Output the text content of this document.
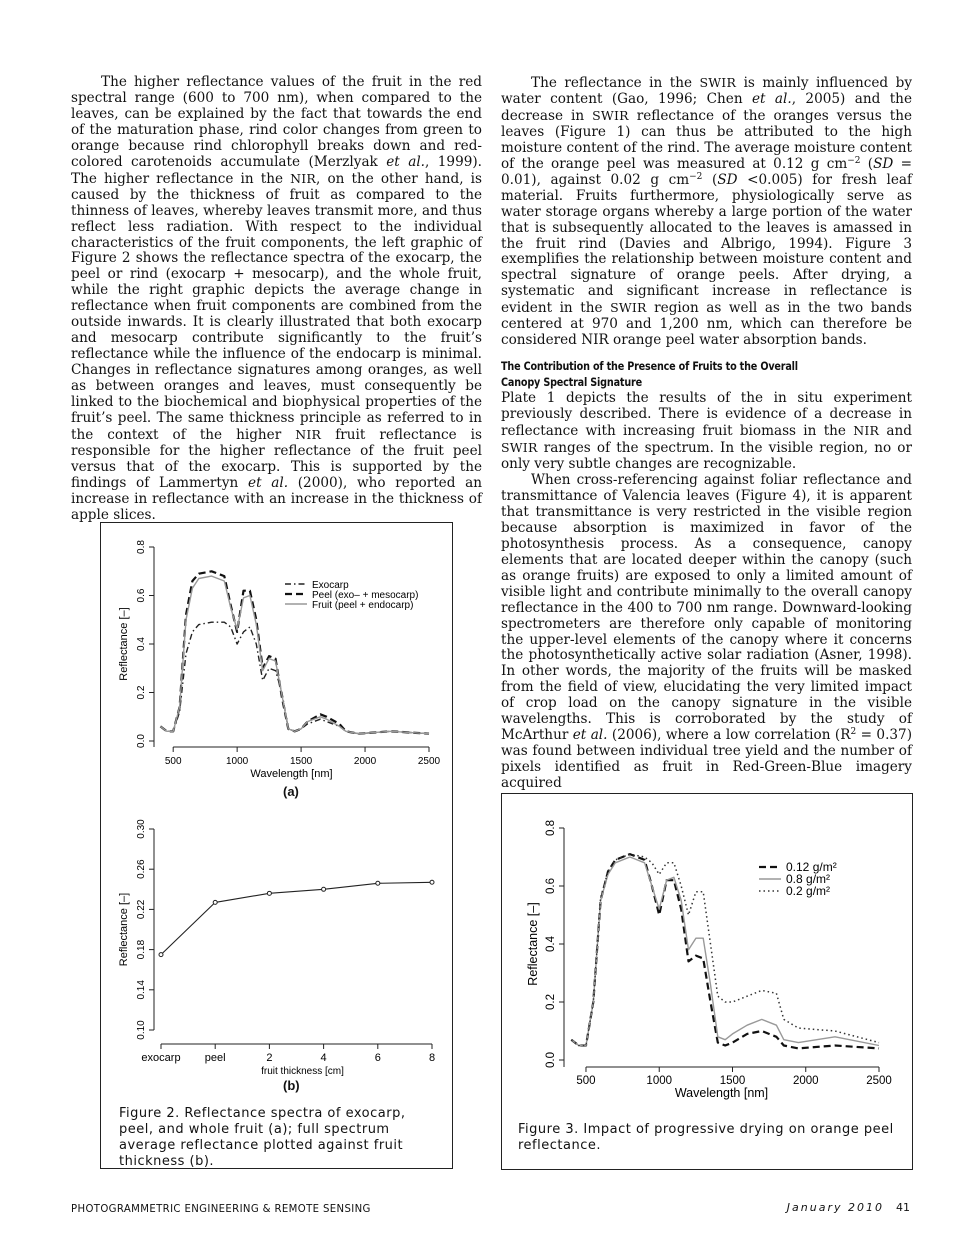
The higher reflectance values of the fruit in the red spectral range (600 to 700 nm), when compared to the leaves, can be explained by the fact that towards the end of the maturation phase, rind color changes from green to orange because rind chlorophyll breaks down and red-colored carotenoids accumulate (Merzlyak et al., 1999). The higher reflectance in the NIR, on the other hand, is caused by the thickness of fruit as compared to the thinness of leaves, whereby leaves transmit more, and thus reflect less radiation. With respect to the individual characteristics of the fruit components, the left graphic of Figure 2 shows the reflectance spectra of the exocarp, the peel or rind (exocarp + mesocarp), and the whole fruit, while the right graphic depicts the average change in reflectance when fruit components are combined from the outside inwards. It is clearly illustrated that both exocarp and mesocarp contribute significantly to the fruit’s reflectance while the influence of the endocarp is minimal. Changes in reflectance signatures among oranges, as well as between oranges and leaves, must consequently be linked to the biochemical and biophysical properties of the fruit’s peel. The same thickness principle as referred to in the context of the higher NIR fruit reflectance is responsible for the higher reflectance of the fruit peel versus that of the exocarp. This is supported by the findings of Lammertyn et al. (2000), who reported an increase in reflectance with an increase in the thickness of apple slices.

The reflectance in the SWIR is mainly influenced by water content (Gao, 1996; Chen et al., 2005) and the decrease in SWIR reflectance of the oranges versus the leaves (Figure 1) can thus be attributed to the high moisture content of the rind. The average moisture content of the orange peel was measured at 0.12 g $cm^{-2}$ (SD = 0.01), against 0.02 g $cm^{-2}$ (SD <0.005) for fresh leaf material. Fruits furthermore, physiologically serve as water storage organs whereby a large portion of the water that is subsequently allocated to the leaves is amassed in the fruit rind (Davies and Albrigo, 1994). Figure 3 exemplifies the relationship between moisture content and spectral signature of orange peels. After drying, a systematic and significant increase in reflectance is evident in the SWIR region as well as in the two bands centered at 970 and 1,200 nm, which can therefore be considered NIR orange peel water absorption bands.

The Contribution of the Presence of Fruits to the Overall
Canopy Spectral Signature

Plate 1 depicts the results of the in situ experiment previously described. There is evidence of a decrease in reflectance with increasing fruit biomass in the NIR and SWIR ranges of the spectrum. In the visible region, no or only very subtle changes are recognizable.

When cross-referencing against foliar reflectance and transmittance of Valencia leaves (Figure 4), it is apparent that transmittance is very restricted in the visible region because absorption is maximized in favor of the photosynthesis process. As a consequence, canopy elements that are located deeper within the canopy (such as orange fruits) are exposed to only a limited amount of visible light and contribute minimally to the overall canopy reflectance in the 400 to 700 nm range. Downward-looking spectrometers are therefore only capable of monitoring the upper-level elements of the canopy where it concerns the photosynthetically active solar radiation (Asner, 1998). In other words, the majority of the fruits will be masked from the field of view, elucidating the very limited impact of crop load on the canopy signature in the visible wavelengths. This is corroborated by the study of McArthur et al. (2006), where a low correlation $(R^2 = 0.37)$ was found between individual tree yield and the number of pixels identified as fruit in Red-Green-Blue imagery acquired

0.0
0.2
0.4
0.6
0.8
500	1000	1500	2000	2500
Wavelength [nm]
Reflectance [–]
Exocarp
Peel (exo– + mesocarp)
Fruit (peel + endocarp)
(a)
0.10
0.14
0.18
0.22
0.26
0.30
exocarp peel	2	4	6	8
fruit thickness [cm]
Reflectance [–]
(b)
Figure 2. Reflectance spectra of exocarp, peel, and whole fruit (a); full spectrum average reflectance plotted against fruit thickness (b).
0.0
0.2
0.4
0.6
0.8
500	1000	1500	2000	2500
Wavelength [nm]
Reflectance [–]
0.12 g/m²
0.8 g/m²
0.2 g/m²
Figure 3. Impact of progressive drying on orange peel reflectance.
PHOTOGRAMMETRIC ENGINEERING & REMOTE SENSING	January 2010 41
